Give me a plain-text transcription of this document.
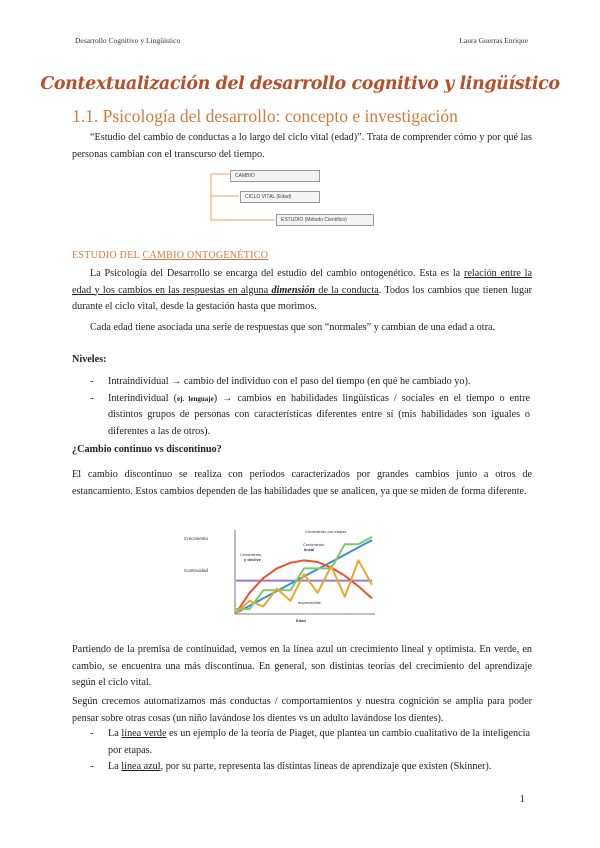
Desarrollo Cognitivo y Lingüístico	Laura Guerras Enrique
Contextualización del desarrollo cognitivo y lingüístico
1.1. Psicología del desarrollo: concepto e investigación
“Estudio del cambio de conductas a lo largo del ciclo vital (edad)”. Trata de comprender cómo y por qué las personas cambian con el transcurso del tiempo.
CAMBIO
CICLO VITAL (Edad)
ESTUDIO (Método Científico)
ESTUDIO DEL CAMBIO ONTOGENÉTICO
La Psicología del Desarrollo se encarga del estudio del cambio ontogenético. Esta es la relación entre la edad y los cambios en las respuestas en alguna dimensión de la conducta. Todos los cambios que tienen lugar durante el ciclo vital, desde la gestación hasta que morimos.
Cada edad tiene asociada una serie de respuestas que son “normales” y cambian de una edad a otra.
Niveles:
- Intraindividual → cambio del individuo con el paso del tiempo (en qué he cambiado yo).
- Interindividual (ej. lenguaje) → cambios en habilidades lingüísticas / sociales en el tiempo o entre distintos grupos de personas con características diferentes entre sí (mis habilidades son iguales o diferentes a las de otros).
¿Cambio continuo vs discontinuo?
El cambio discontinuo se realiza con periodos caracterizados por grandes cambios junto a otros de estancamiento. Estos cambios dependen de las habilidades que se analicen, ya que se miden de forma diferente.
Crecimiento
Continuidad
Crecimiento
y declive
Crecimiento
lineal
Crecimiento por etapas
Impredecible
Edad
Partiendo de la premisa de continuidad, vemos en la línea azul un crecimiento lineal y optimista. En verde, en cambio, se encuentra una más discontinua. En general, son distintas teorías del crecimiento del aprendizaje según el ciclo vital.
Según crecemos automatizamos más conductas / comportamientos y nuestra cognición se amplía para poder pensar sobre otras cosas (un niño lavándose los dientes vs un adulto lavándose los dientes).
- La línea verde es un ejemplo de la teoría de Piaget, que plantea un cambio cualitativo de la inteligencia por etapas.
- La línea azul, por su parte, representa las distintas líneas de aprendizaje que existen (Skinner).
1
